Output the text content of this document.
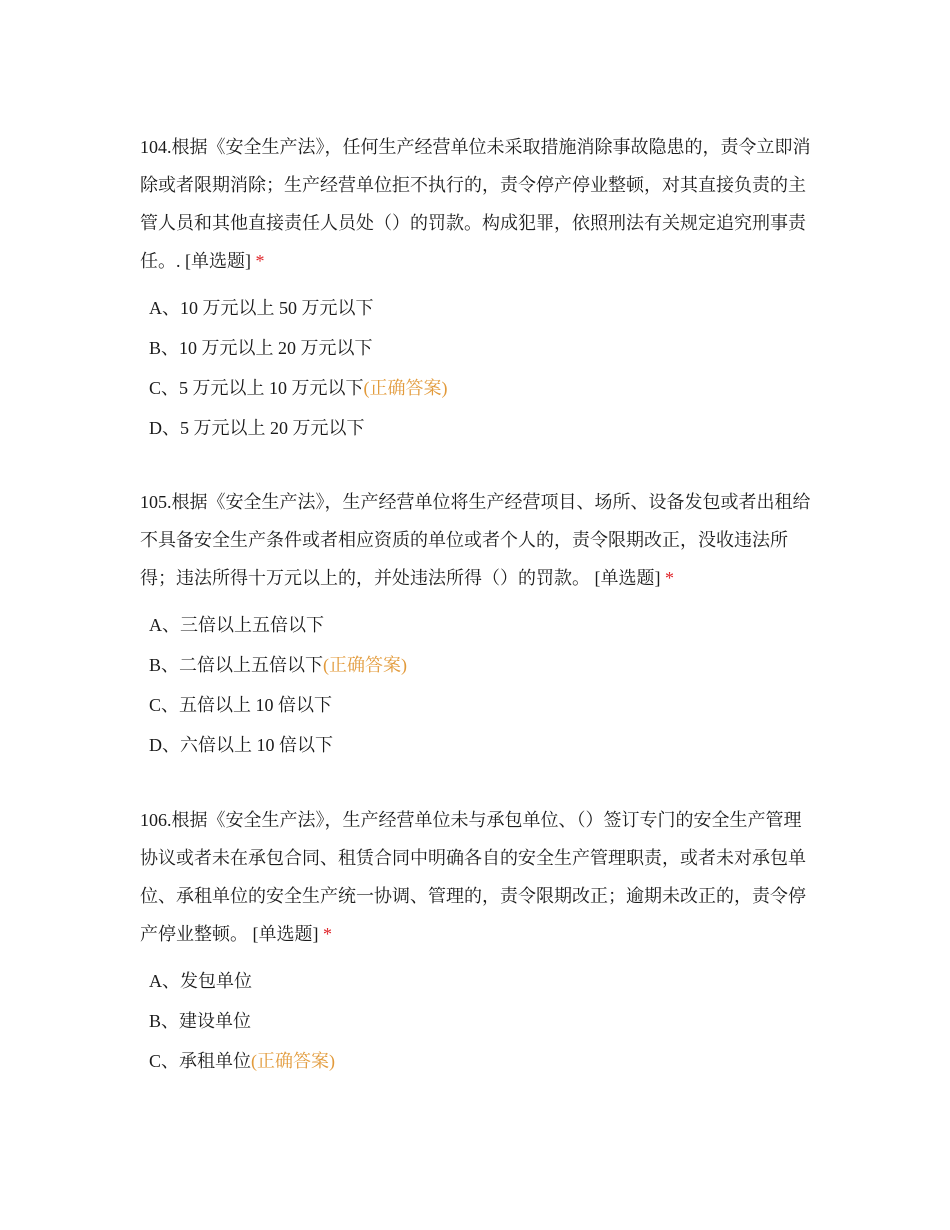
104.根据《安全生产法》，任何生产经营单位未采取措施消除事故隐患的，责令立即消除或者限期消除；生产经营单位拒不执行的，责令停产停业整顿，对其直接负责的主管人员和其他直接责任人员处（）的罚款。构成犯罪，依照刑法有关规定追究刑事责任。. [单选题] *

A、10 万元以上 50 万元以下
B、10 万元以上 20 万元以下
C、5 万元以上 10 万元以下(正确答案)
D、5 万元以上 20 万元以下

105.根据《安全生产法》，生产经营单位将生产经营项目、场所、设备发包或者出租给不具备安全生产条件或者相应资质的单位或者个人的，责令限期改正，没收违法所得；违法所得十万元以上的，并处违法所得（）的罚款。 [单选题] *

A、三倍以上五倍以下
B、二倍以上五倍以下(正确答案)
C、五倍以上 10 倍以下
D、六倍以上 10 倍以下

106.根据《安全生产法》，生产经营单位未与承包单位、（）签订专门的安全生产管理协议或者未在承包合同、租赁合同中明确各自的安全生产管理职责，或者未对承包单位、承租单位的安全生产统一协调、管理的，责令限期改正；逾期未改正的，责令停产停业整顿。 [单选题] *

A、发包单位
B、建设单位
C、承租单位(正确答案)
